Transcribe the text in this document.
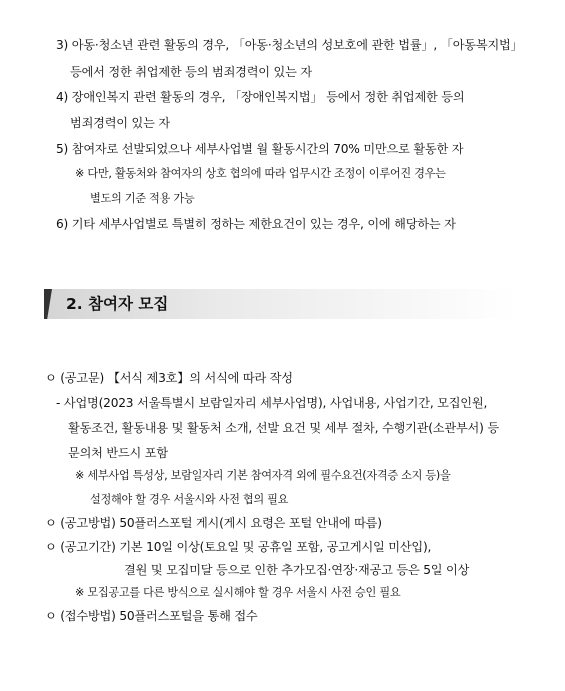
3) 아동·청소년 관련 활동의 경우, 「아동·청소년의 성보호에 관한 법률」, 「아동복지법」
등에서 정한 취업제한 등의 범죄경력이 있는 자
4) 장애인복지 관련 활동의 경우, 「장애인복지법」 등에서 정한 취업제한 등의
범죄경력이 있는 자
5) 참여자로 선발되었으나 세부사업별 월 활동시간의 70% 미만으로 활동한 자
※ 다만, 활동처와 참여자의 상호 협의에 따라 업무시간 조정이 이루어진 경우는
별도의 기준 적용 가능
6) 기타 세부사업별로 특별히 정하는 제한요건이 있는 경우, 이에 해당하는 자
2. 참여자 모집
ㅇ (공고문) 【서식 제3호】의 서식에 따라 작성
- 사업명(2023 서울특별시 보람일자리 세부사업명), 사업내용, 사업기간, 모집인원,
활동조건, 활동내용 및 활동처 소개, 선발 요건 및 세부 절차, 수행기관(소관부서) 등
문의처 반드시 포함
※ 세부사업 특성상, 보람일자리 기본 참여자격 외에 필수요건(자격증 소지 등)을
설정해야 할 경우 서울시와 사전 협의 필요
ㅇ (공고방법) 50플러스포털 게시(게시 요령은 포털 안내에 따름)
ㅇ (공고기간) 기본 10일 이상(토요일 및 공휴일 포함, 공고게시일 미산입),
결원 및 모집미달 등으로 인한 추가모집·연장·재공고 등은 5일 이상
※ 모집공고를 다른 방식으로 실시해야 할 경우 서울시 사전 승인 필요
ㅇ (접수방법) 50플러스포털을 통해 접수
